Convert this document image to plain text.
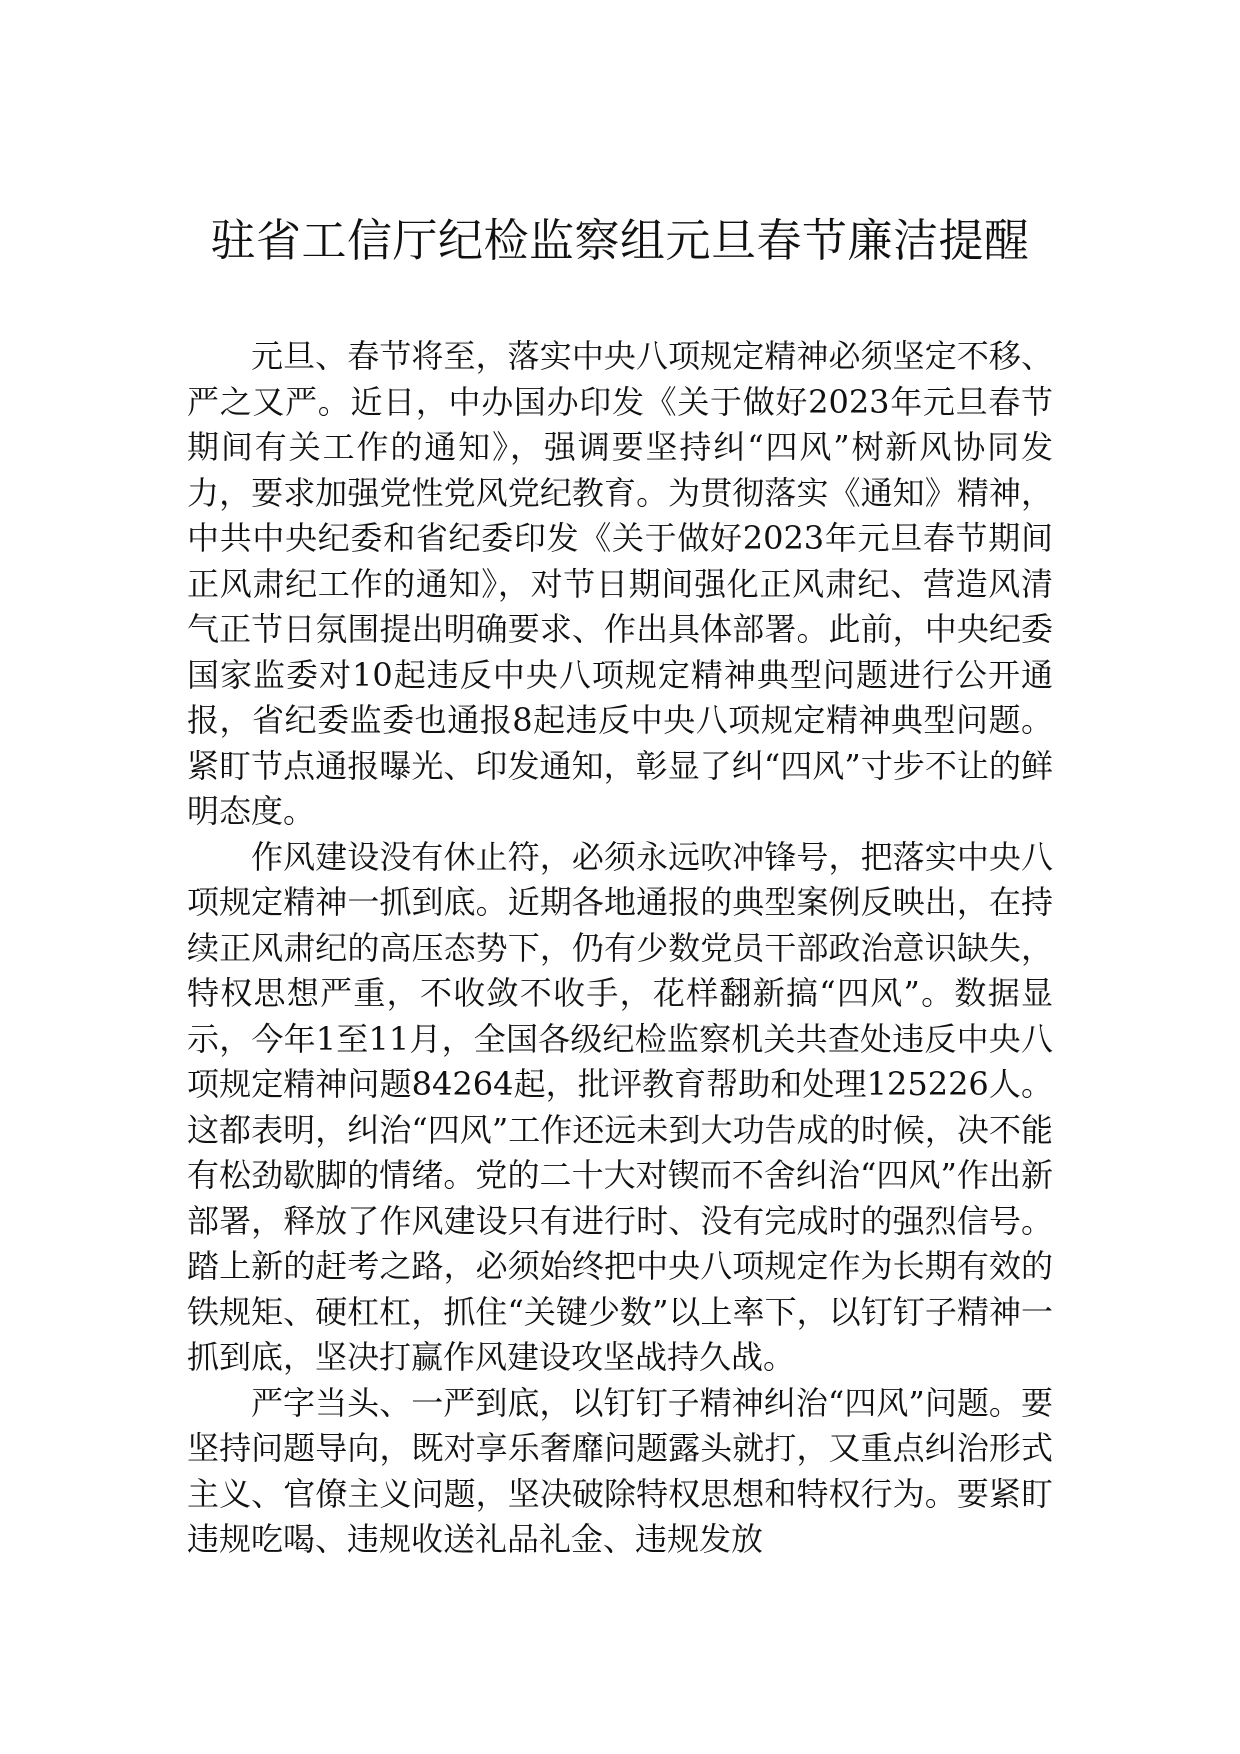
驻省工信厅纪检监察组元旦春节廉洁提醒

元旦、春节将至，落实中央八项规定精神必须坚定不移、严之又严。近日，中办国办印发《关于做好2023年元旦春节期间有关工作的通知》，强调要坚持纠“四风”树新风协同发力，要求加强党性党风党纪教育。为贯彻落实《通知》精神，中共中央纪委和省纪委印发《关于做好2023年元旦春节期间正风肃纪工作的通知》，对节日期间强化正风肃纪、营造风清气正节日氛围提出明确要求、作出具体部署。此前，中央纪委国家监委对10起违反中央八项规定精神典型问题进行公开通报，省纪委监委也通报8起违反中央八项规定精神典型问题。紧盯节点通报曝光、印发通知，彰显了纠“四风”寸步不让的鲜明态度。

作风建设没有休止符，必须永远吹冲锋号，把落实中央八项规定精神一抓到底。近期各地通报的典型案例反映出，在持续正风肃纪的高压态势下，仍有少数党员干部政治意识缺失，特权思想严重，不收敛不收手，花样翻新搞“四风”。数据显示，今年1至11月，全国各级纪检监察机关共查处违反中央八项规定精神问题84264起，批评教育帮助和处理125226人。这都表明，纠治“四风”工作还远未到大功告成的时候，决不能有松劲歇脚的情绪。党的二十大对锲而不舍纠治“四风”作出新部署，释放了作风建设只有进行时、没有完成时的强烈信号。踏上新的赶考之路，必须始终把中央八项规定作为长期有效的铁规矩、硬杠杠，抓住“关键少数”以上率下，以钉钉子精神一抓到底，坚决打赢作风建设攻坚战持久战。

严字当头、一严到底，以钉钉子精神纠治“四风”问题。要坚持问题导向，既对享乐奢靡问题露头就打，又重点纠治形式主义、官僚主义问题，坚决破除特权思想和特权行为。要紧盯违规吃喝、违规收送礼品礼金、违规发放
